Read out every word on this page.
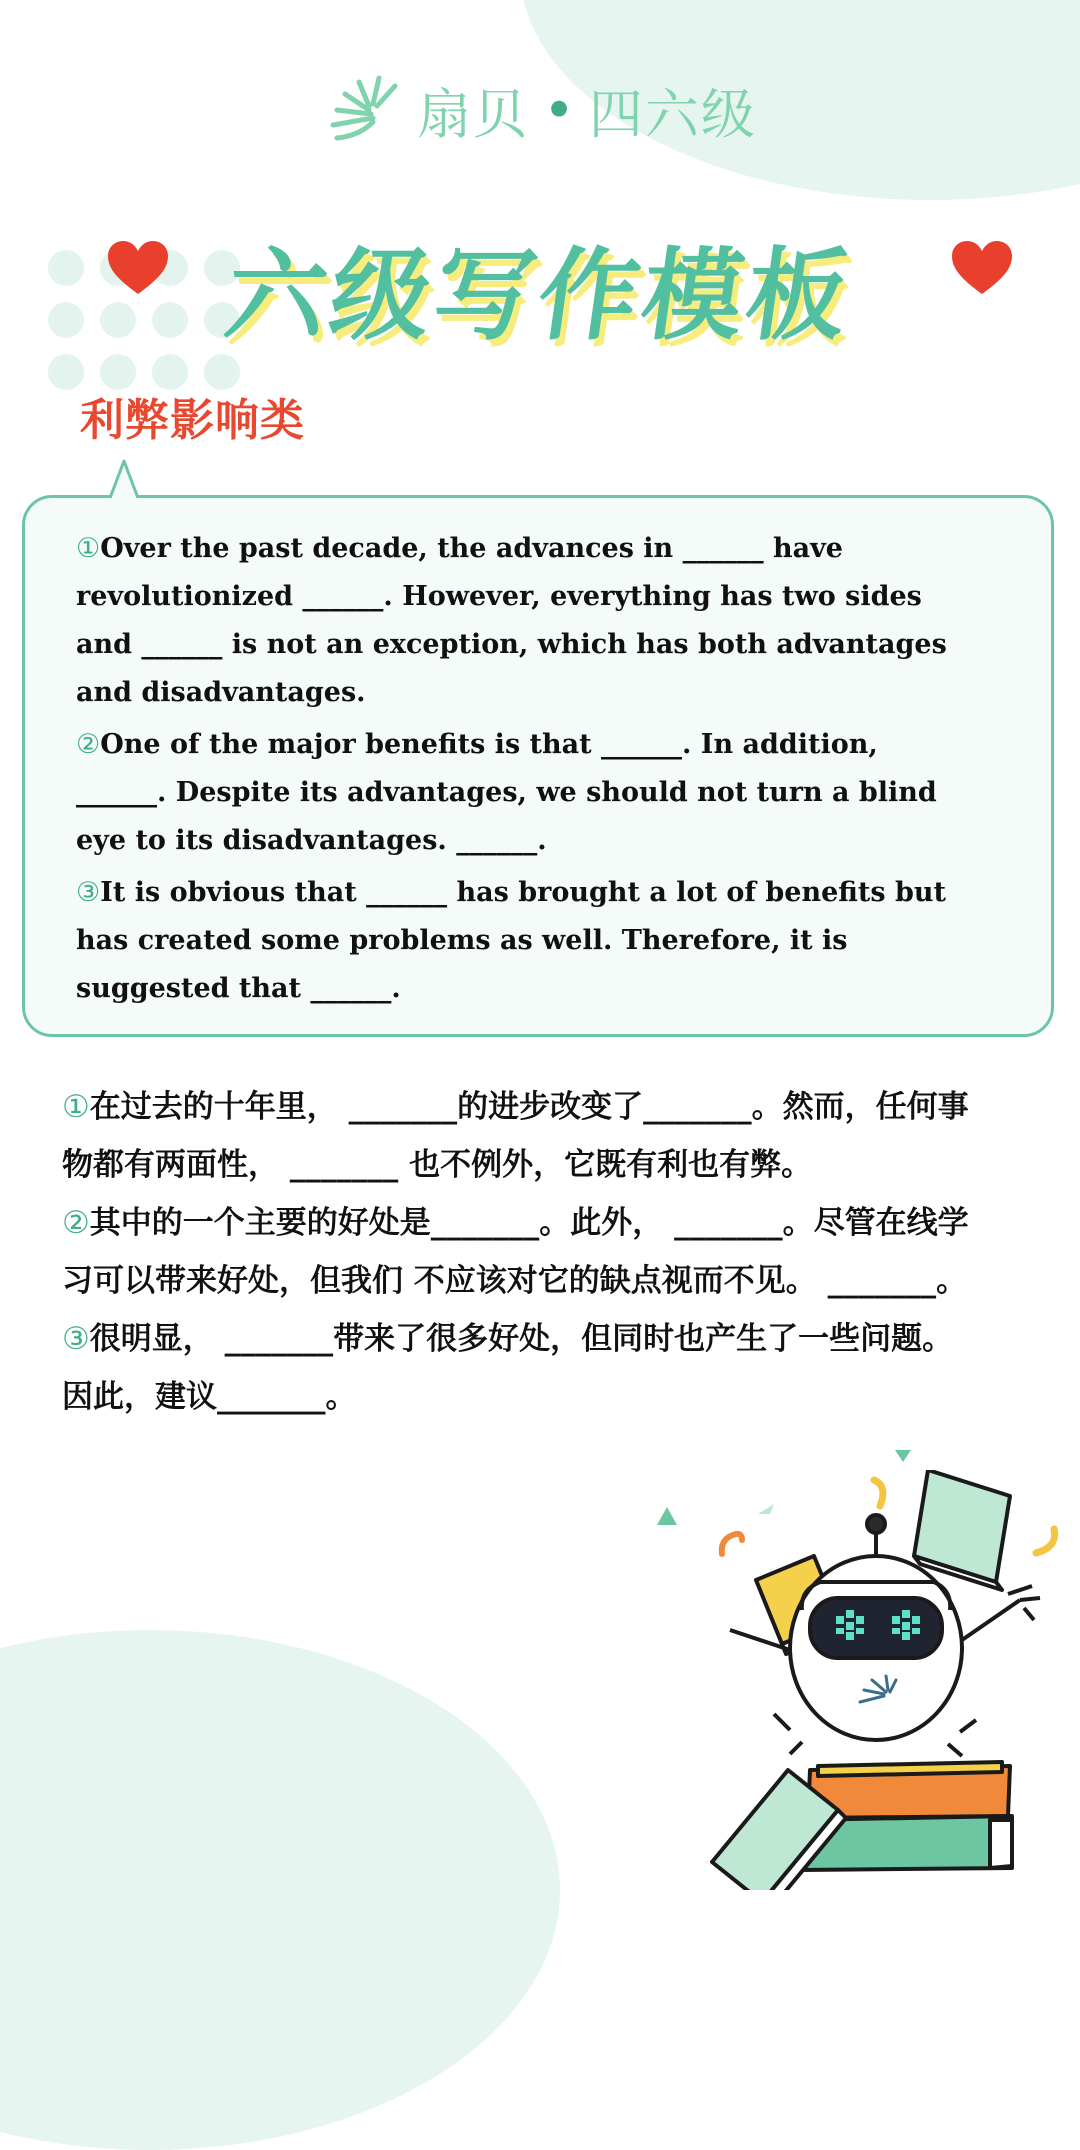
扇贝 • 四六级
六级写作模板
利弊影响类

①Over the past decade, the advances in ______ have revolutionized ______. However, everything has two sides and ______ is not an exception, which has both advantages and disadvantages.

②One of the major benefits is that ______. In addition, ______. Despite its advantages, we should not turn a blind eye to its disadvantages. ______.

③It is obvious that ______ has brought a lot of benefits but has created some problems as well. Therefore, it is suggested that ______.

①在过去的十年里， _______的进步改变了_______。然而，任何事物都有两面性， _______ 也不例外，它既有利也有弊。

②其中的一个主要的好处是_______。此外， _______。尽管在线学习可以带来好处，但我们 不应该对它的缺点视而不见。 _______。

③很明显， _______带来了很多好处，但同时也产生了一些问题。因此，建议_______。
